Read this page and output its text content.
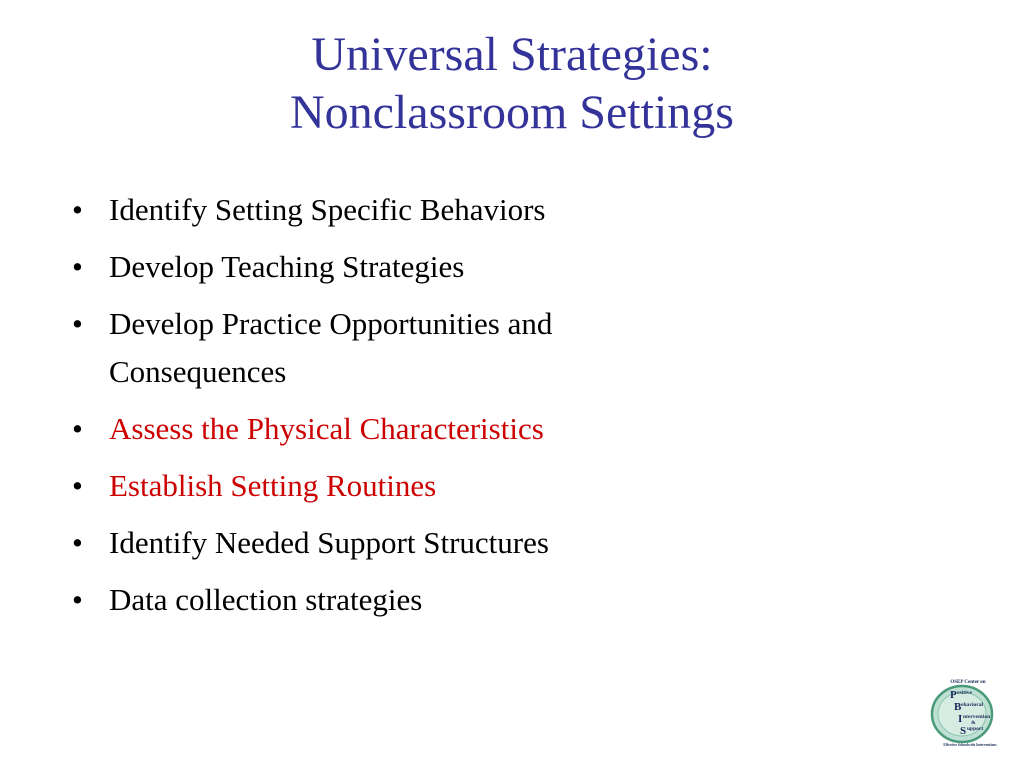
Universal Strategies:
Nonclassroom Settings
• Identify Setting Specific Behaviors
• Develop Teaching Strategies
• Develop Practice Opportunities and
Consequences
• Assess the Physical Characteristics
• Establish Setting Routines
• Identify Needed Support Structures
• Data collection strategies
OSEP Center on
P ositive
B ehavioral
I ntervention
&
S upport
Effective Schoolwide Interventions
